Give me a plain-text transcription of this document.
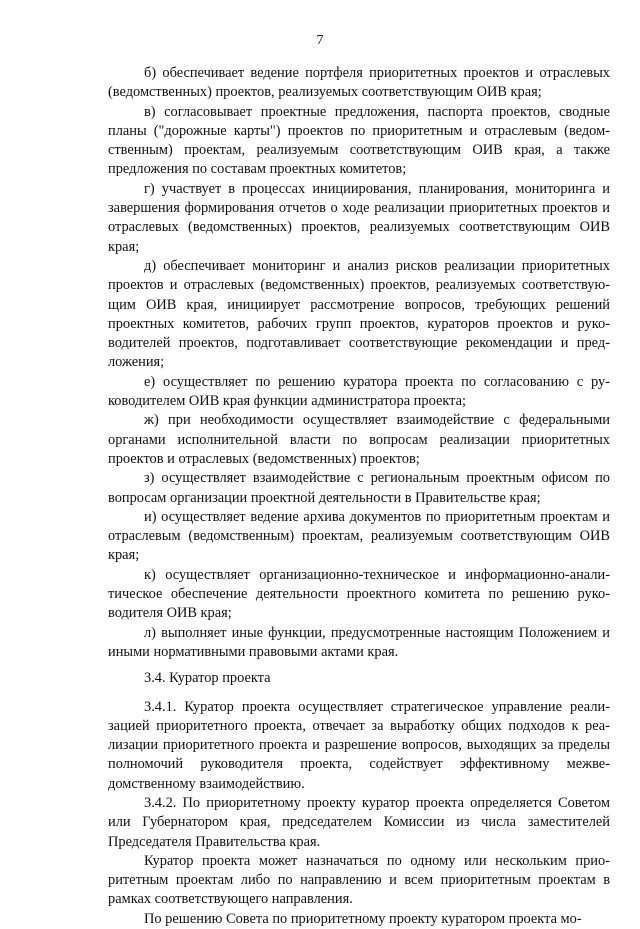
7

б) обеспечивает ведение портфеля приоритетных проектов и отраслевых (ведомственных) проектов, реализуемых соответствующим ОИВ края;

в) согласовывает проектные предложения, паспорта проектов, сводные планы ("дорожные карты") проектов по приоритетным и отраслевым (ведомственным) проектам, реализуемым соответствующим ОИВ края, а также предложения по составам проектных комитетов;

г) участвует в процессах инициирования, планирования, мониторинга и завершения формирования отчетов о ходе реализации приоритетных проектов и отраслевых (ведомственных) проектов, реализуемых соответствующим ОИВ края;

д) обеспечивает мониторинг и анализ рисков реализации приоритетных проектов и отраслевых (ведомственных) проектов, реализуемых соответствующим ОИВ края, инициирует рассмотрение вопросов, требующих решений проектных комитетов, рабочих групп проектов, кураторов проектов и руководителей проектов, подготавливает соответствующие рекомендации и предложения;

е) осуществляет по решению куратора проекта по согласованию с руководителем ОИВ края функции администратора проекта;

ж) при необходимости осуществляет взаимодействие с федеральными органами исполнительной власти по вопросам реализации приоритетных проектов и отраслевых (ведомственных) проектов;

з) осуществляет взаимодействие с региональным проектным офисом по вопросам организации проектной деятельности в Правительстве края;

и) осуществляет ведение архива документов по приоритетным проектам и отраслевым (ведомственным) проектам, реализуемым соответствующим ОИВ края;

к) осуществляет организационно-техническое и информационно-аналитическое обеспечение деятельности проектного комитета по решению руководителя ОИВ края;

л) выполняет иные функции, предусмотренные настоящим Положением и иными нормативными правовыми актами края.

3.4. Куратор проекта

3.4.1. Куратор проекта осуществляет стратегическое управление реализацией приоритетного проекта, отвечает за выработку общих подходов к реализации приоритетного проекта и разрешение вопросов, выходящих за пределы полномочий руководителя проекта, содействует эффективному межведомственному взаимодействию.

3.4.2. По приоритетному проекту куратор проекта определяется Советом или Губернатором края, председателем Комиссии из числа заместителей Председателя Правительства края.

Куратор проекта может назначаться по одному или нескольким приоритетным проектам либо по направлению и всем приоритетным проектам в рамках соответствующего направления.

По решению Совета по приоритетному проекту куратором проекта мо-
